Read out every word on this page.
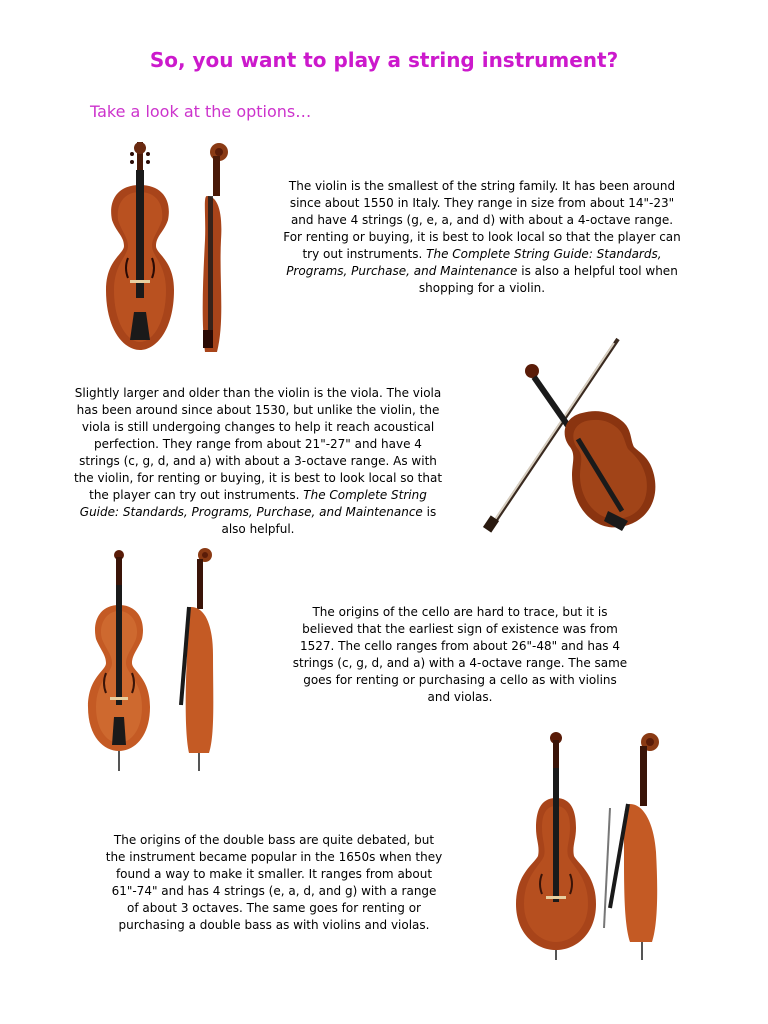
So, you want to play a string instrument?
Take a look at the options…
The violin is the smallest of the string family. It has been around since about 1550 in Italy. They range in size from about 14"-23" and have 4 strings (g, e, a, and d) with about a 4-octave range. For renting or buying, it is best to look local so that the player can try out instruments. The Complete String Guide: Standards, Programs, Purchase, and Maintenance is also a helpful tool when shopping for a violin.
Slightly larger and older than the violin is the viola. The viola has been around since about 1530, but unlike the violin, the viola is still undergoing changes to help it reach acoustical perfection. They range from about 21"-27" and have 4 strings (c, g, d, and a) with about a 3-octave range. As with the violin, for renting or buying, it is best to look local so that the player can try out instruments. The Complete String Guide: Standards, Programs, Purchase, and Maintenance is also helpful.
The origins of the cello are hard to trace, but it is believed that the earliest sign of existence was from 1527. The cello ranges from about 26"-48" and has 4 strings (c, g, d, and a) with a 4-octave range. The same goes for renting or purchasing a cello as with violins and violas.
The origins of the double bass are quite debated, but the instrument became popular in the 1650s when they found a way to make it smaller. It ranges from about 61"-74" and has 4 strings (e, a, d, and g) with a range of about 3 octaves. The same goes for renting or purchasing a double bass as with violins and violas.
